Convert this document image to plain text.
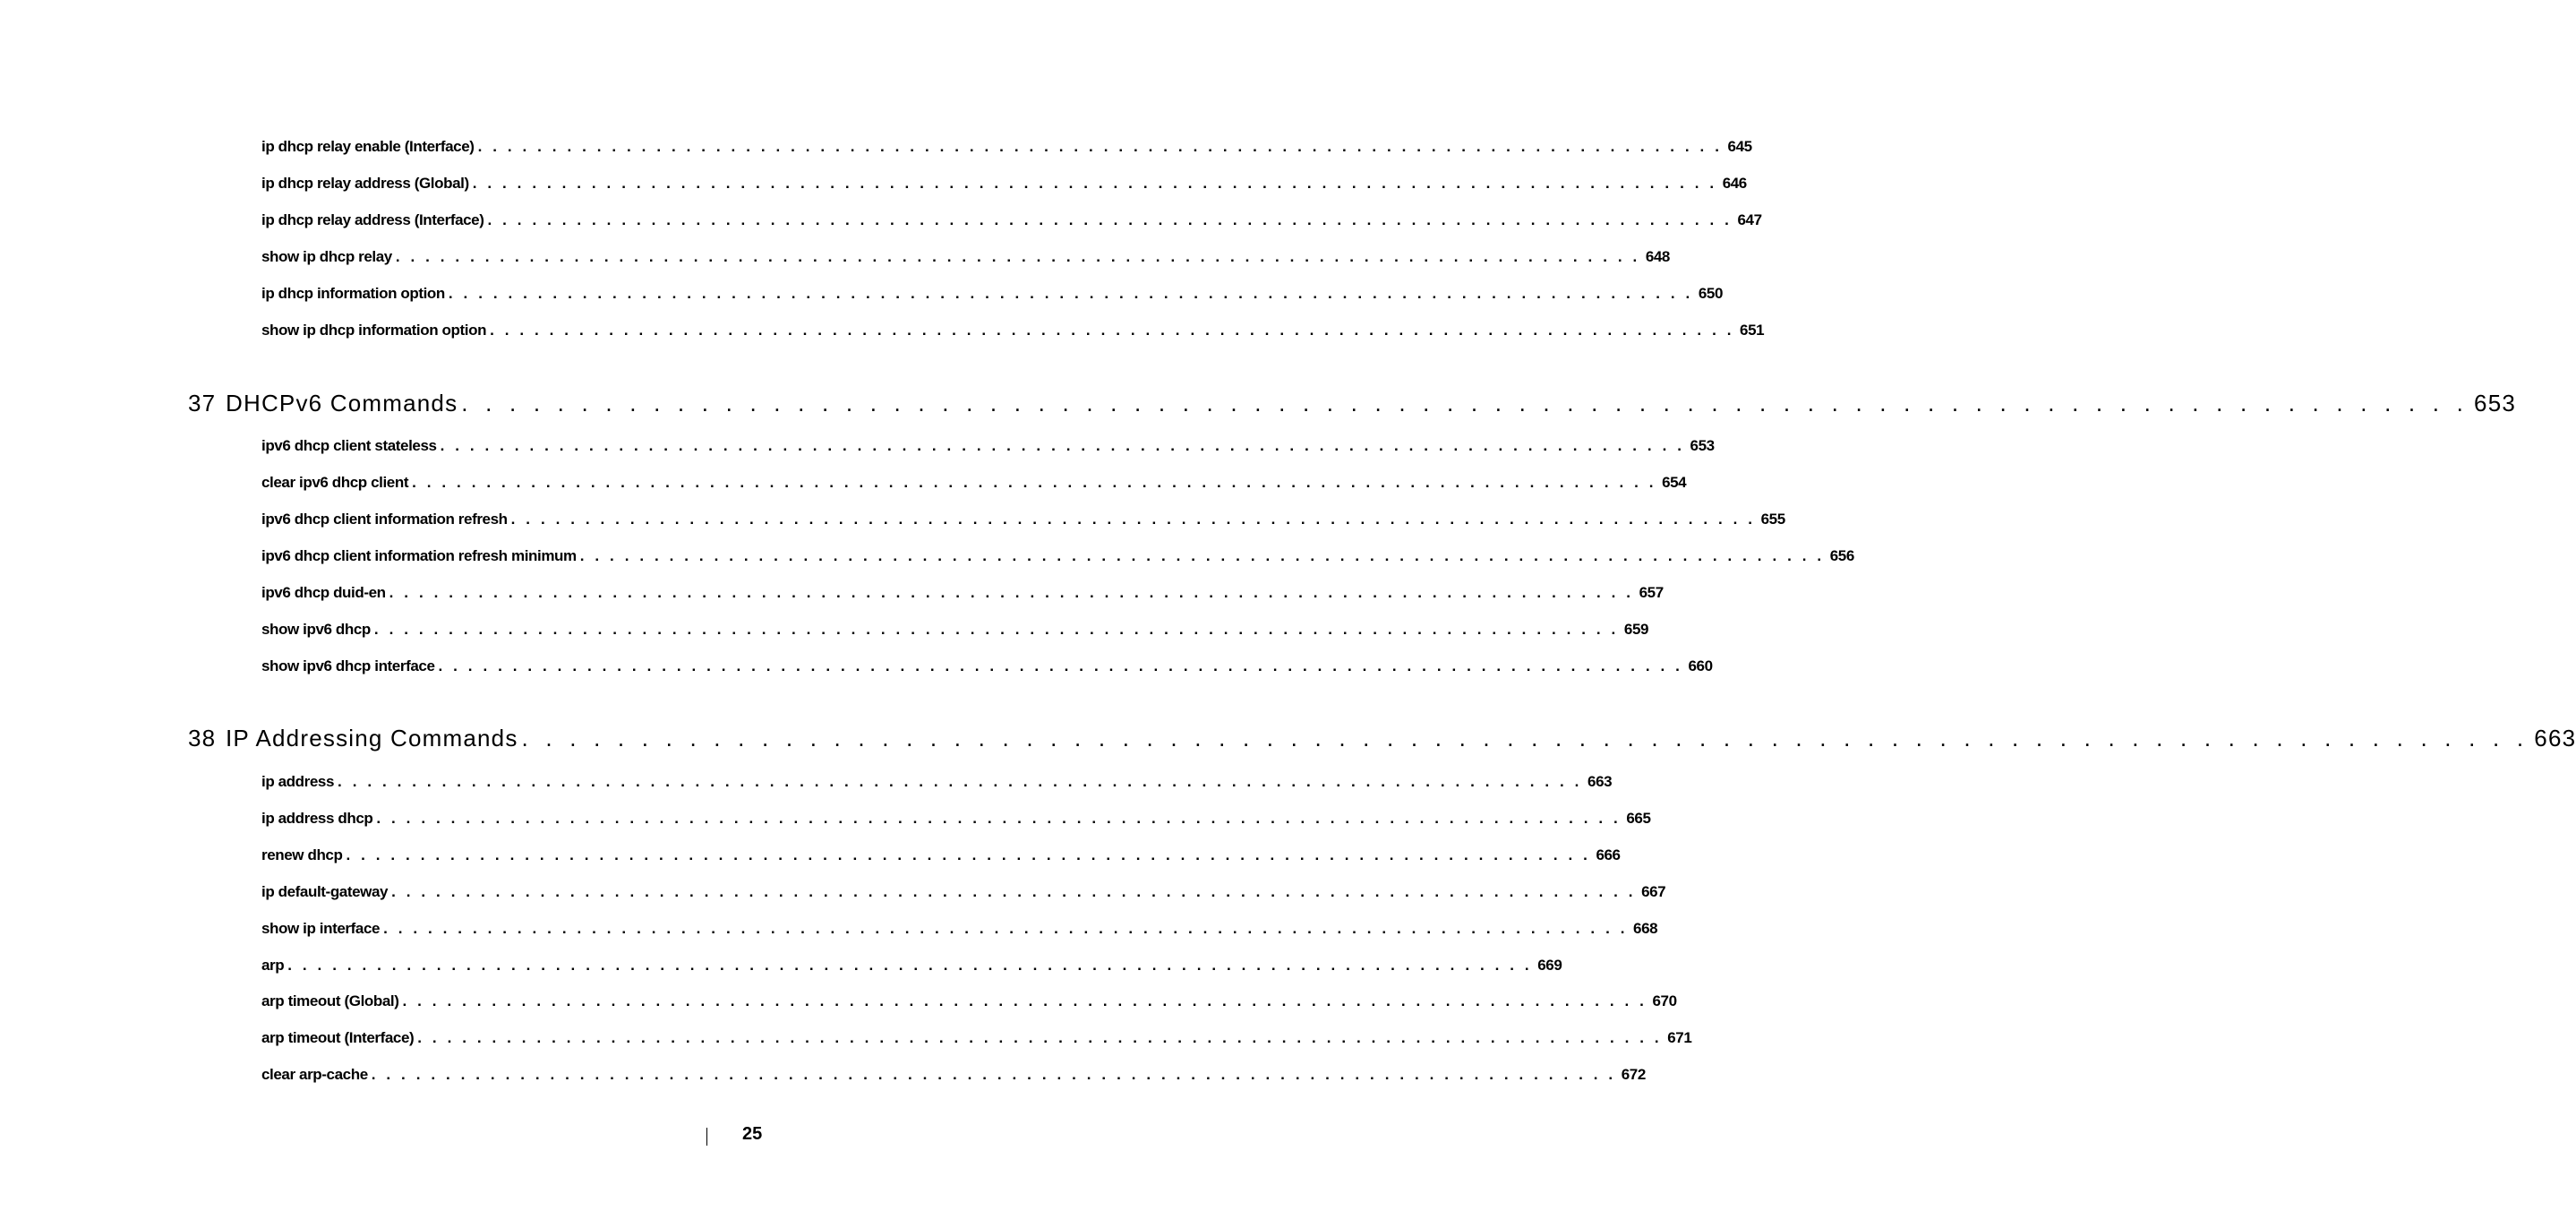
ip dhcp relay enable (Interface) . . . . . . . . . . . . . . . . . . . . . . . . . . . . . . . . . . . . . . . . . . . . . . . . . . . . . . . . . . . . . . . . . . . . . . . . . . . . . . . . . . . . 645
ip dhcp relay address (Global) . . . . . . . . . . . . . . . . . . . . . . . . . . . . . . . . . . . . . . . . . . . . . . . . . . . . . . . . . . . . . . . . . . . . . . . . . . . . . . . . . . . . 646
ip dhcp relay address (Interface) . . . . . . . . . . . . . . . . . . . . . . . . . . . . . . . . . . . . . . . . . . . . . . . . . . . . . . . . . . . . . . . . . . . . . . . . . . . . . . . . . . . . 647
show ip dhcp relay . . . . . . . . . . . . . . . . . . . . . . . . . . . . . . . . . . . . . . . . . . . . . . . . . . . . . . . . . . . . . . . . . . . . . . . . . . . . . . . . . . . . 648
ip dhcp information option . . . . . . . . . . . . . . . . . . . . . . . . . . . . . . . . . . . . . . . . . . . . . . . . . . . . . . . . . . . . . . . . . . . . . . . . . . . . . . . . . . . . 650
show ip dhcp information option . . . . . . . . . . . . . . . . . . . . . . . . . . . . . . . . . . . . . . . . . . . . . . . . . . . . . . . . . . . . . . . . . . . . . . . . . . . . . . . . . . . . 651
37 DHCPv6 Commands . . . . . . . . . . . . . . . . . . . . . . . . . . . . . . . . . . . . . . . . . . . . . . . . . . . . . . . . . . . . . . . . . . . . . . . . . . . . . . . . . . . . 653
ipv6 dhcp client stateless . . . . . . . . . . . . . . . . . . . . . . . . . . . . . . . . . . . . . . . . . . . . . . . . . . . . . . . . . . . . . . . . . . . . . . . . . . . . . . . . . . . . 653
clear ipv6 dhcp client . . . . . . . . . . . . . . . . . . . . . . . . . . . . . . . . . . . . . . . . . . . . . . . . . . . . . . . . . . . . . . . . . . . . . . . . . . . . . . . . . . . . 654
ipv6 dhcp client information refresh . . . . . . . . . . . . . . . . . . . . . . . . . . . . . . . . . . . . . . . . . . . . . . . . . . . . . . . . . . . . . . . . . . . . . . . . . . . . . . . . . . . . 655
ipv6 dhcp client information refresh minimum . . . . . . . . . . . . . . . . . . . . . . . . . . . . . . . . . . . . . . . . . . . . . . . . . . . . . . . . . . . . . . . . . . . . . . . . . . . . . . . . . . . . 656
ipv6 dhcp duid-en . . . . . . . . . . . . . . . . . . . . . . . . . . . . . . . . . . . . . . . . . . . . . . . . . . . . . . . . . . . . . . . . . . . . . . . . . . . . . . . . . . . . 657
show ipv6 dhcp . . . . . . . . . . . . . . . . . . . . . . . . . . . . . . . . . . . . . . . . . . . . . . . . . . . . . . . . . . . . . . . . . . . . . . . . . . . . . . . . . . . . 659
show ipv6 dhcp interface . . . . . . . . . . . . . . . . . . . . . . . . . . . . . . . . . . . . . . . . . . . . . . . . . . . . . . . . . . . . . . . . . . . . . . . . . . . . . . . . . . . . 660
38 IP Addressing Commands . . . . . . . . . . . . . . . . . . . . . . . . . . . . . . . . . . . . . . . . . . . . . . . . . . . . . . . . . . . . . . . . . . . . . . . . . . . . . . . . . . . . 663
ip address . . . . . . . . . . . . . . . . . . . . . . . . . . . . . . . . . . . . . . . . . . . . . . . . . . . . . . . . . . . . . . . . . . . . . . . . . . . . . . . . . . . . 663
ip address dhcp . . . . . . . . . . . . . . . . . . . . . . . . . . . . . . . . . . . . . . . . . . . . . . . . . . . . . . . . . . . . . . . . . . . . . . . . . . . . . . . . . . . . 665
renew dhcp . . . . . . . . . . . . . . . . . . . . . . . . . . . . . . . . . . . . . . . . . . . . . . . . . . . . . . . . . . . . . . . . . . . . . . . . . . . . . . . . . . . . 666
ip default-gateway . . . . . . . . . . . . . . . . . . . . . . . . . . . . . . . . . . . . . . . . . . . . . . . . . . . . . . . . . . . . . . . . . . . . . . . . . . . . . . . . . . . . 667
show ip interface . . . . . . . . . . . . . . . . . . . . . . . . . . . . . . . . . . . . . . . . . . . . . . . . . . . . . . . . . . . . . . . . . . . . . . . . . . . . . . . . . . . . 668
arp . . . . . . . . . . . . . . . . . . . . . . . . . . . . . . . . . . . . . . . . . . . . . . . . . . . . . . . . . . . . . . . . . . . . . . . . . . . . . . . . . . . . 669
arp timeout (Global) . . . . . . . . . . . . . . . . . . . . . . . . . . . . . . . . . . . . . . . . . . . . . . . . . . . . . . . . . . . . . . . . . . . . . . . . . . . . . . . . . . . . 670
arp timeout (Interface) . . . . . . . . . . . . . . . . . . . . . . . . . . . . . . . . . . . . . . . . . . . . . . . . . . . . . . . . . . . . . . . . . . . . . . . . . . . . . . . . . . . . 671
clear arp-cache . . . . . . . . . . . . . . . . . . . . . . . . . . . . . . . . . . . . . . . . . . . . . . . . . . . . . . . . . . . . . . . . . . . . . . . . . . . . . . . . . . . . 672
25
